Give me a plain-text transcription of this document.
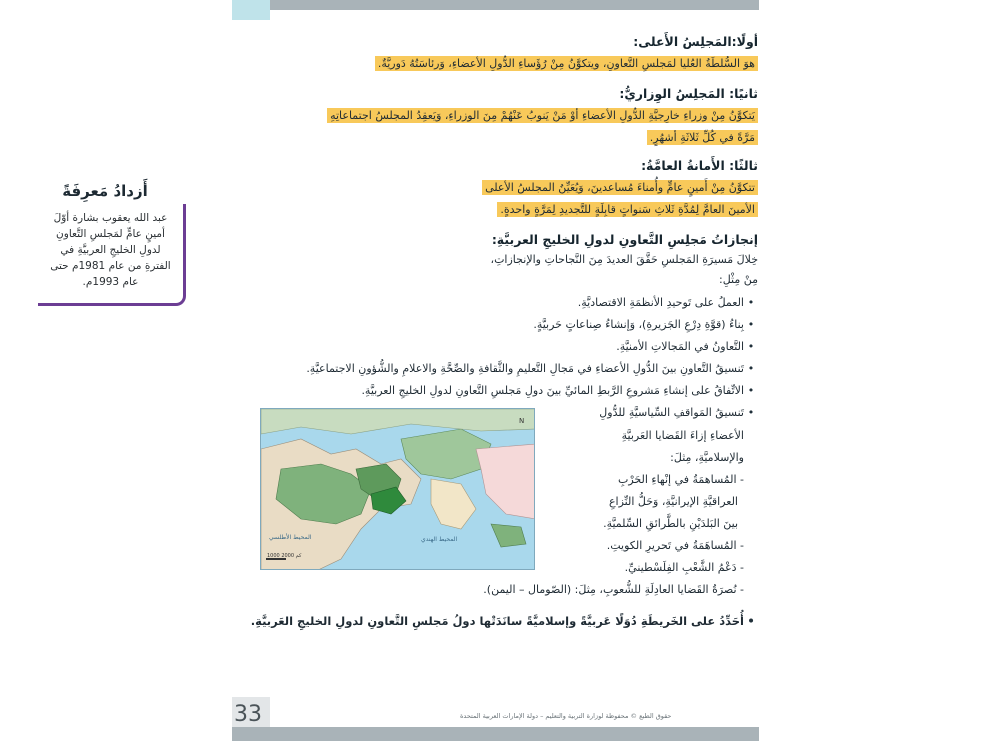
أولًا:المَجلِسُ الأَعلى:
هوَ السُّلطَةُ العُليا لمَجلسِ التَّعاونِ، ويتكوَّنُ مِنْ رُؤَساءِ الدُّولِ الأعضاءِ، وَرئاسَتُهُ دَوريَّةٌ.
ثانيًا: المَجلِسُ الوِزاريُّ:
يَتكوَّنُ مِنْ وزراءِ خارِجيَّةِ الدُّولِ الأعضاءِ أوْ مَنْ يَنوبُ عَنْهُمْ مِنَ الوزراءِ، وَيَعقِدُ المجلسُ اجتماعاتِهِ
مَرَّةً في كُلِّ ثَلاثَةِ أشهُرٍ.
ثالثًا: الأَمانةُ العامَّةُ:
تتكوَّنُ مِنْ أَمينٍ عامٍّ وأُمناءَ مُساعدينَ، وَيُعَيِّنُ المجلسُ الأعلى
الأمينَ العامَّ لِمُدَّةِ ثَلاثِ سَنواتٍ قابِلَةٍ للتَّجديدِ لِمَرَّةٍ واحدةٍ.
إنجازاتُ مَجلِسِ التَّعاونِ لدولِ الخليجِ العربيَّةِ:
خِلالَ مَسيرَةِ المَجلسِ حَقَّقَ العديدَ مِنَ النَّجاحاتِ والإنجازاتِ،
مِنْ مِثْلِ:
• العملُ على تَوحيدِ الأنظمَةِ الاقتصاديَّةِ.
• بِناءُ (قوَّةِ دِرْعِ الجَزيرةِ)، وَإنشاءُ صِناعاتٍ حَربيَّةٍ.
• التَّعاونُ في المَجالاتِ الأمنيَّةِ.
• تَنسيقُ التَّعاونِ بينَ الدُّولِ الأعضاءِ في مَجالِ التَّعليمِ والثَّقافةِ والصِّحَّةِ والاعلامِ والشُّؤونِ الاجتماعيَّةِ.
• الاتِّفاقُ على إنشاءِ مَشروعِ الرَّبطِ المائيِّ بينَ دولِ مَجلسِ التَّعاونِ لدولِ الخليجِ العربيَّةِ.
• تَنسيقُ المَواقفِ السِّياسيَّةِ للدُّولِ
الأعضاءِ إزاءَ القَضايا العَربيَّةِ
والإسلاميَّةِ، مِثلَ:
- المُساهمَةُ في إنْهاءِ الحَرْبِ
العراقيَّةِ الإيرانيَّةِ، وَحَلُّ النِّزاعِ
بينَ البَلدَيْنِ بالطَّرائقِ السِّلميَّةِ.
- المُساهَمَةُ في تَحريرِ الكويتِ.
- دَعْمُ الشَّعْبِ الفِلَسْطينيِّ.
- نُصرَةُ القَضايا العادِلَةِ للشُّعوبِ، مِثلَ: (الصّومال – اليمن).
• أُحَدِّدُ على الخَريطَةِ دُوَلًا عَربيَّةً وإسلاميَّةً سانَدَتْها دولُ مَجلسِ التَّعاونِ لدولِ الخليجِ العَربيَّةِ.
أَزدادُ مَعرِفَةً
عبد الله يعقوب بشارة أوّلَ أمينٍ عامٍّ لمَجلسِ التَّعاونِ لدولِ الخليجِ العربيَّةِ في الفترةِ من عام 1981م حتى عام 1993م.
1000 2000 كم
المحيط الأطلسي	المحيط الهندي
N
33	حقوق الطبع © محفوظة لوزارة التربية والتعليم – دولة الإمارات العربية المتحدة
